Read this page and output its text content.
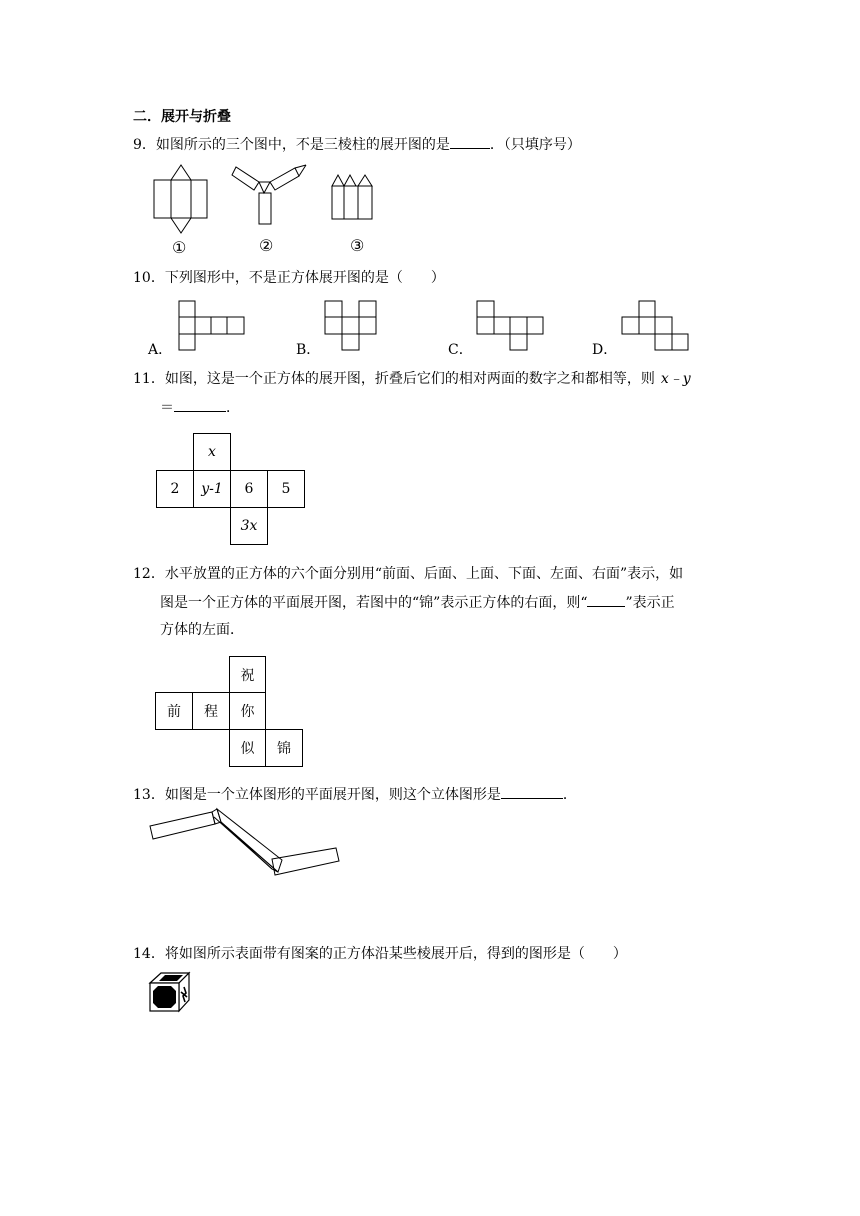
二．展开与折叠
9．如图所示的三个图中，不是三棱柱的展开图的是	．（只填序号）
①	②	③
10．下列图形中，不是正方体展开图的是（　　）
A．	B．	C．	D．
11．如图，这是一个正方体的展开图，折叠后它们的相对两面的数字之和都相等，则 x﹣y
＝	．
x
2	y-1	6	5
3x
12．水平放置的正方体的六个面分别用“前面、后面、上面、下面、左面、右面”表示，如
图是一个正方体的平面展开图，若图中的“锦”表示正方体的右面，则“	”表示正
方体的左面．
祝
前	程	你
似	锦
13．如图是一个立体图形的平面展开图，则这个立体图形是	．
14．将如图所示表面带有图案的正方体沿某些棱展开后，得到的图形是（　　）
